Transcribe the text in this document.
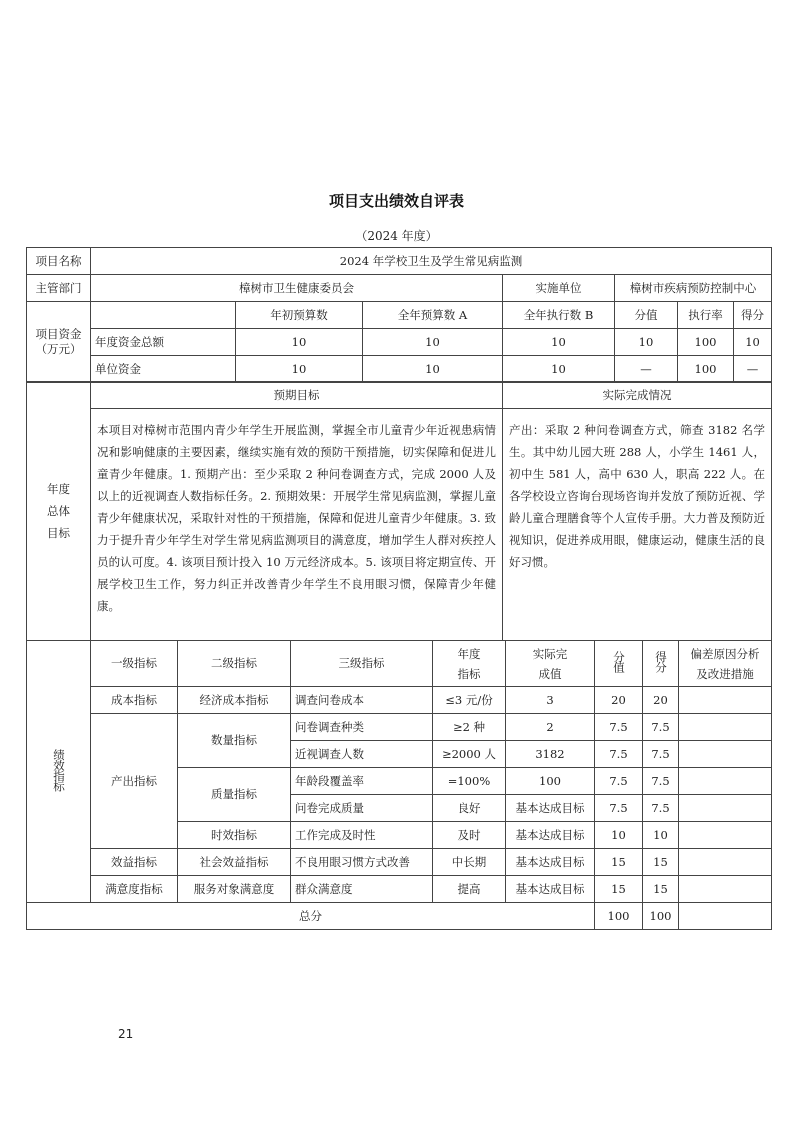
项目支出绩效自评表
（2024 年度）
项目名称	2024 年学校卫生及学生常见病监测						
主管部门	樟树市卫生健康委员会			实施单位	樟树市疾病预防控制中心		
项目资金（万元）		年初预算数	全年预算数 A	全年执行数 B	分值	执行率	得分
	年度资金总额	10	10	10	10	100	10
	单位资金	10	10	10	—	100	—
年度总体目标	预期目标	实际完成情况
	本项目对樟树市范围内青少年学生开展监测，掌握全市儿童青少年近视患病情况和影响健康的主要因素，继续实施有效的预防干预措施，切实保障和促进儿童青少年健康。1. 预期产出：至少采取 2 种问卷调查方式，完成 2000 人及以上的近视调查人数指标任务。2. 预期效果：开展学生常见病监测，掌握儿童青少年健康状况，采取针对性的干预措施，保障和促进儿童青少年健康。3. 致力于提升青少年学生对学生常见病监测项目的满意度，增加学生人群对疾控人员的认可度。4. 该项目预计投入 10 万元经济成本。5. 该项目将定期宣传、开展学校卫生工作，努力纠正并改善青少年学生不良用眼习惯，保障青少年健康。	产出：采取 2 种问卷调查方式，筛查 3182 名学生。其中幼儿园大班 288 人，小学生 1461 人，初中生 581 人，高中 630 人，职高 222 人。在各学校设立咨询台现场咨询并发放了预防近视、学龄儿童合理膳食等个人宣传手册。大力普及预防近视知识，促进养成用眼，健康运动，健康生活的良好习惯。
绩效指标	一级指标	二级指标	三级指标	年度指标	实际完成值	分值	得分	偏差原因分析及改进措施
	成本指标	经济成本指标	调查问卷成本	≤3 元/份	3	20	20	
	产出指标	数量指标	问卷调查种类	≥2 种	2	7.5	7.5	
			近视调查人数	≥2000 人	3182	7.5	7.5	
		质量指标	年龄段覆盖率	=100%	100	7.5	7.5	
			问卷完成质量	良好	基本达成目标	7.5	7.5	
		时效指标	工作完成及时性	及时	基本达成目标	10	10	
	效益指标	社会效益指标	不良用眼习惯方式改善	中长期	基本达成目标	15	15	
	满意度指标	服务对象满意度	群众满意度	提高	基本达成目标	15	15	
总分						100	100	
21
